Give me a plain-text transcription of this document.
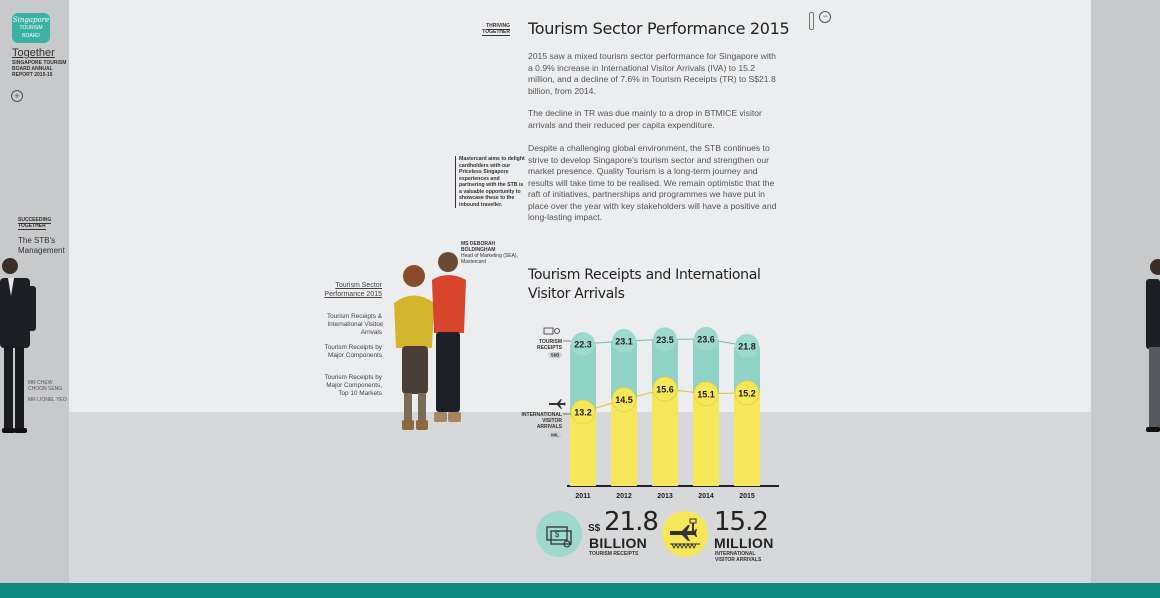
Singapore
TOURISM BOARD
Together
SINGAPORE TOURISM BOARD ANNUAL REPORT 2015-16
+
SUCCEEDING TOGETHER
The STB's Management
MR CHEW CHOON SENG
MR LIONEL YEO
−
THRIVING TOGETHER Tourism Sector Performance 2015
2015 saw a mixed tourism sector performance for Singapore with a 0.9% increase in International Visitor Arrivals (IVA) to 15.2 million, and a decline of 7.6% in Tourism Receipts (TR) to S$21.8 billion, from 2014.
The decline in TR was due mainly to a drop in BTMICE visitor arrivals and their reduced per capita expenditure.
Despite a challenging global environment, the STB continues to strive to develop Singapore's tourism sector and strengthen our market presence. Quality Tourism is a long-term journey and results will take time to be realised. We remain optimistic that the raft of initiatives, partnerships and programmes we have put in place over the year with key stakeholders will have a positive and long-lasting impact.
Mastercard aims to delight cardholders with our Priceless Singapore experiences and partnering with the STB is a valuable opportunity to showcase these to the inbound traveller.
MS DEBORAH BOLDINGHAM
Head of Marketing (SEA), Mastercard
Tourism Sector Performance 2015
Tourism Receipts & International Visitor Arrivals
Tourism Receipts by Major Components
Tourism Receipts by Major Components, Top 10 Markets
‹
Tourism Receipts and International Visitor Arrivals
22.3
13.2
2011
23.1
14.5
2012
23.5
15.6
2013
23.6
15.1
2014
21.8
15.2
2015
TOURISM
RECEIPTS
S$B
INTERNATIONAL
VISITOR
ARRIVALS
MIL
$
S$ 21.8
BILLION
TOURISM RECEIPTS
15.2
MILLION
INTERNATIONAL VISITOR ARRIVALS
